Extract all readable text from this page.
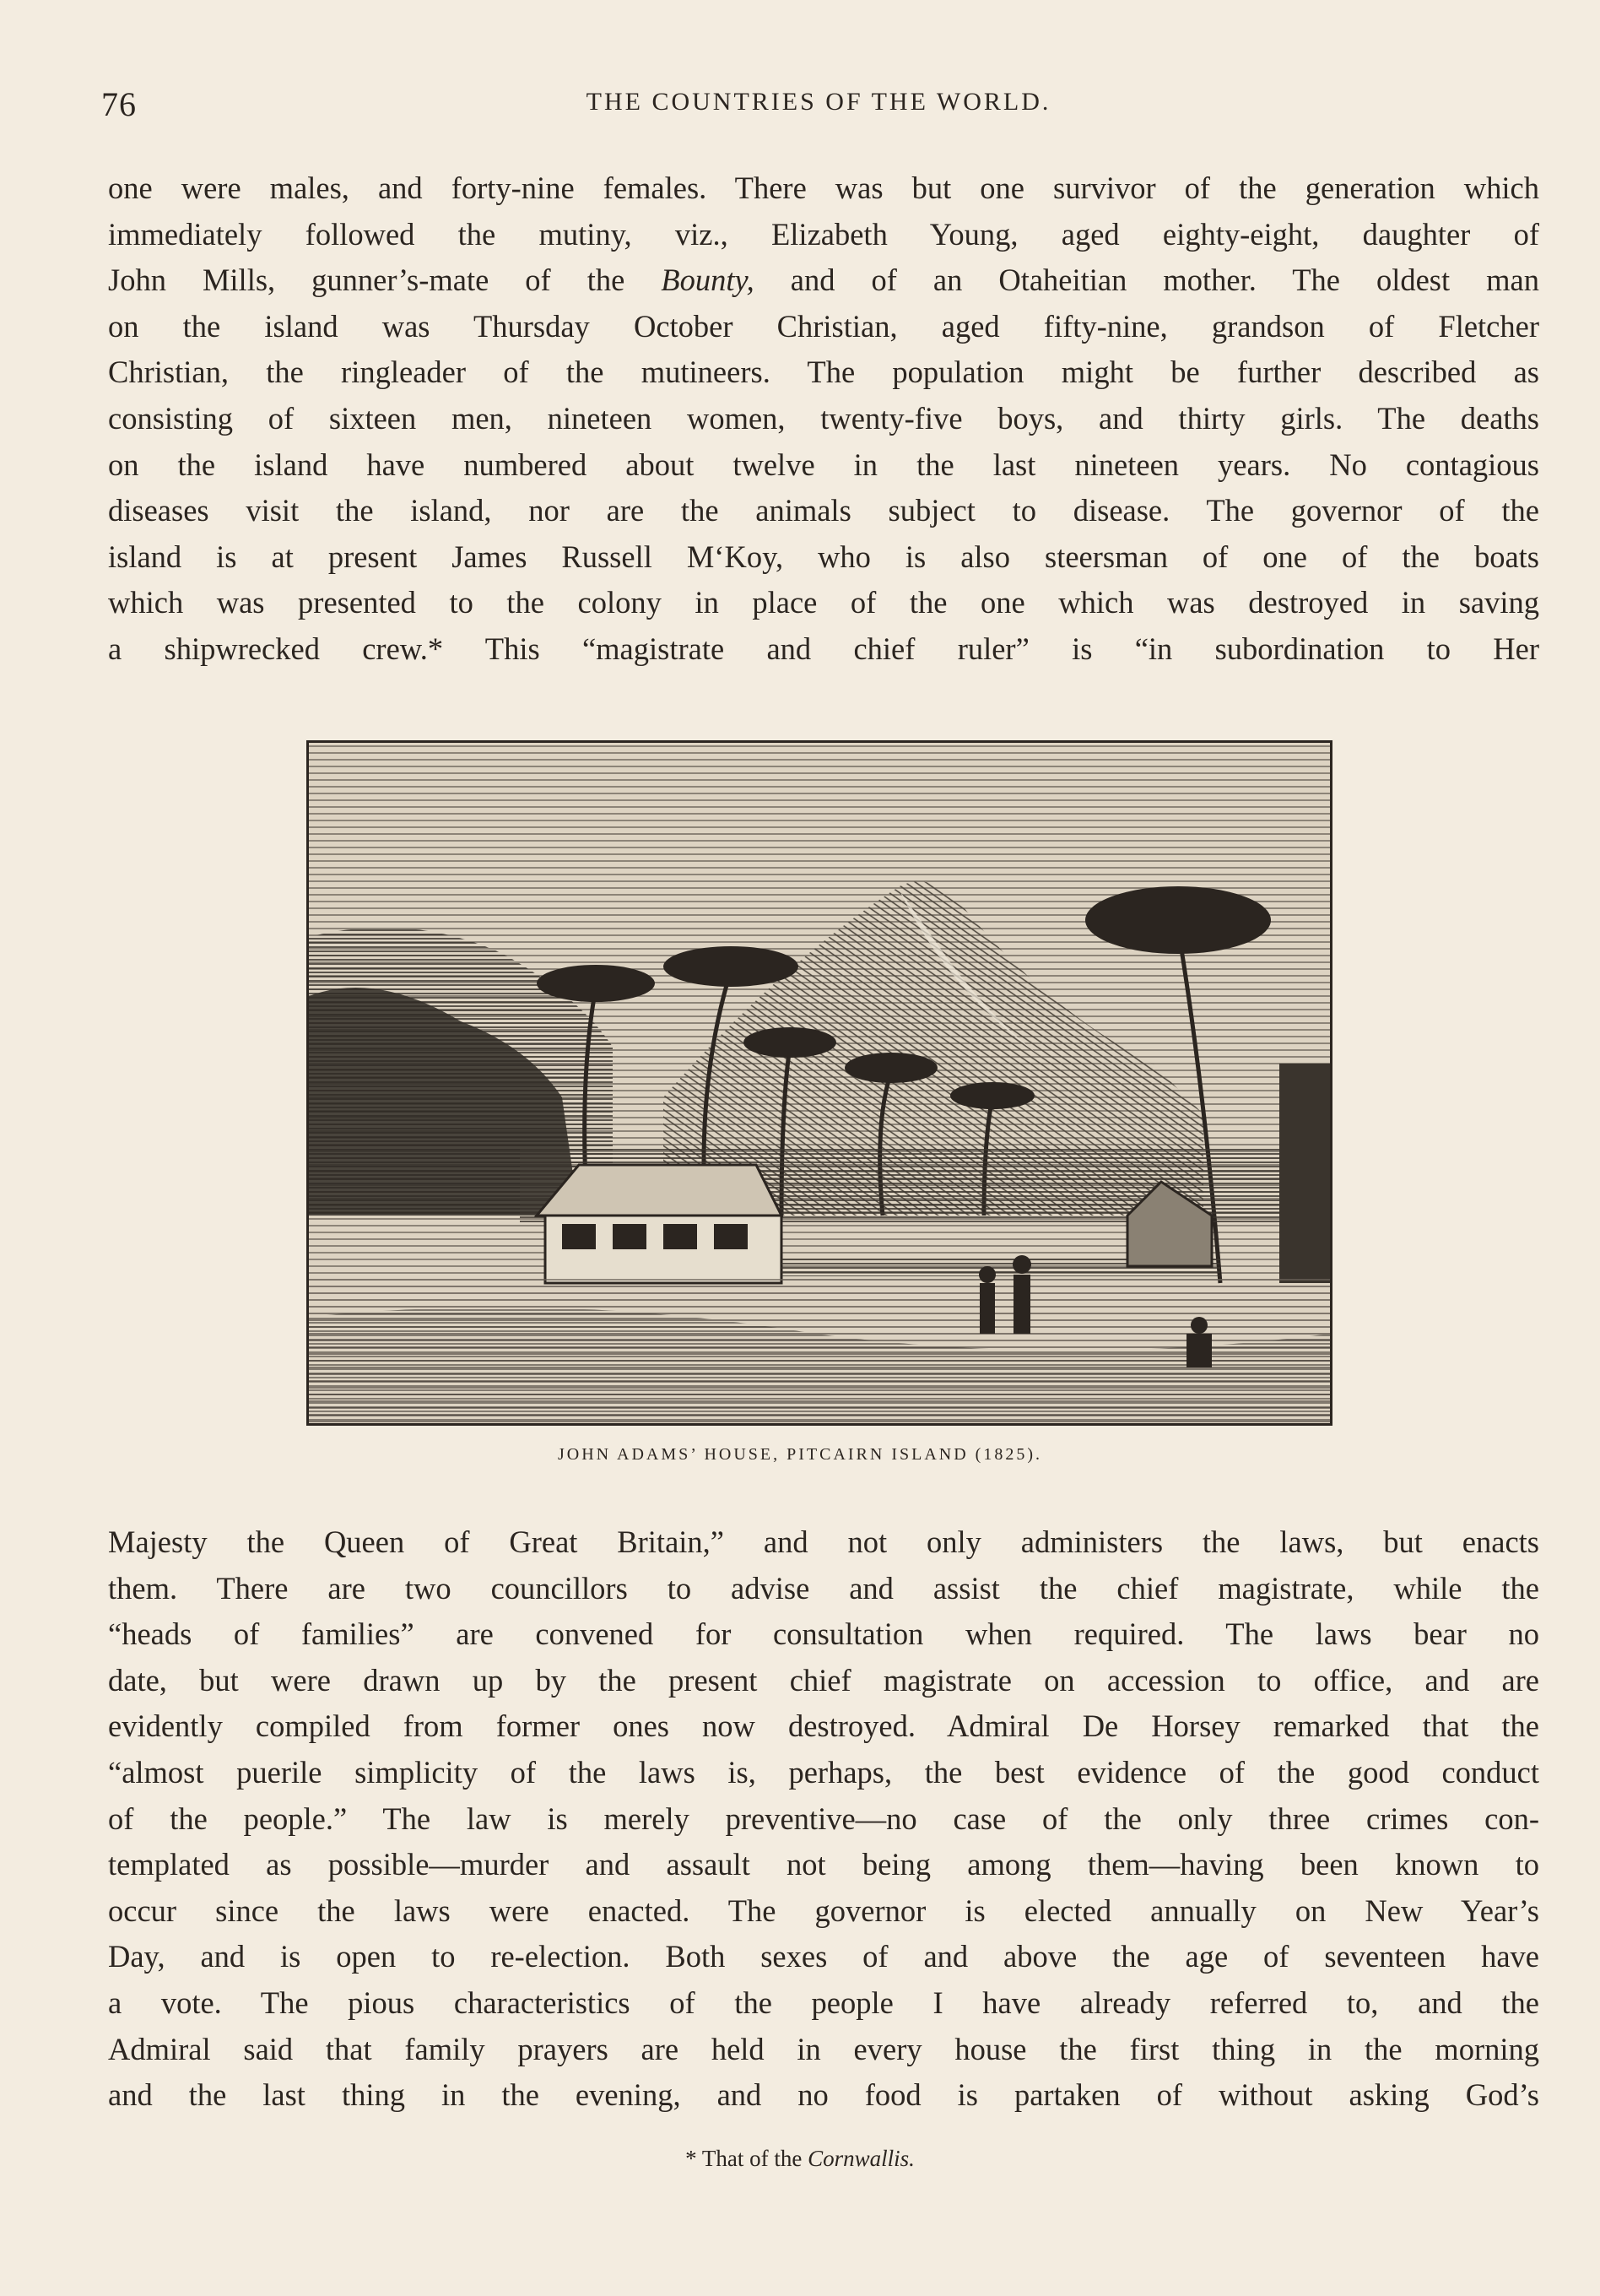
76	THE COUNTRIES OF THE WORLD.
one were males, and forty-nine females. There was but one survivor of the generation which
immediately followed the mutiny, viz., Elizabeth Young, aged eighty-eight, daughter of
John Mills, gunner’s-mate of the Bounty, and of an Otaheitian mother. The oldest man
on the island was Thursday October Christian, aged fifty-nine, grandson of Fletcher
Christian, the ringleader of the mutineers. The population might be further described as
consisting of sixteen men, nineteen women, twenty-five boys, and thirty girls. The deaths
on the island have numbered about twelve in the last nineteen years. No contagious
diseases visit the island, nor are the animals subject to disease. The governor of the
island is at present James Russell M‘Koy, who is also steersman of one of the boats
which was presented to the colony in place of the one which was destroyed in saving
a shipwrecked crew.* This “magistrate and chief ruler” is “in subordination to Her
JOHN ADAMS’ HOUSE, PITCAIRN ISLAND (1825).
Majesty the Queen of Great Britain,” and not only administers the laws, but enacts
them. There are two councillors to advise and assist the chief magistrate, while the
“heads of families” are convened for consultation when required. The laws bear no
date, but were drawn up by the present chief magistrate on accession to office, and are
evidently compiled from former ones now destroyed. Admiral De Horsey remarked that the
“almost puerile simplicity of the laws is, perhaps, the best evidence of the good conduct
of the people.” The law is merely preventive—no case of the only three crimes con-
templated as possible—murder and assault not being among them—having been known to
occur since the laws were enacted. The governor is elected annually on New Year’s
Day, and is open to re-election. Both sexes of and above the age of seventeen have
a vote. The pious characteristics of the people I have already referred to, and the
Admiral said that family prayers are held in every house the first thing in the morning
and the last thing in the evening, and no food is partaken of without asking God’s
* That of the Cornwallis.
